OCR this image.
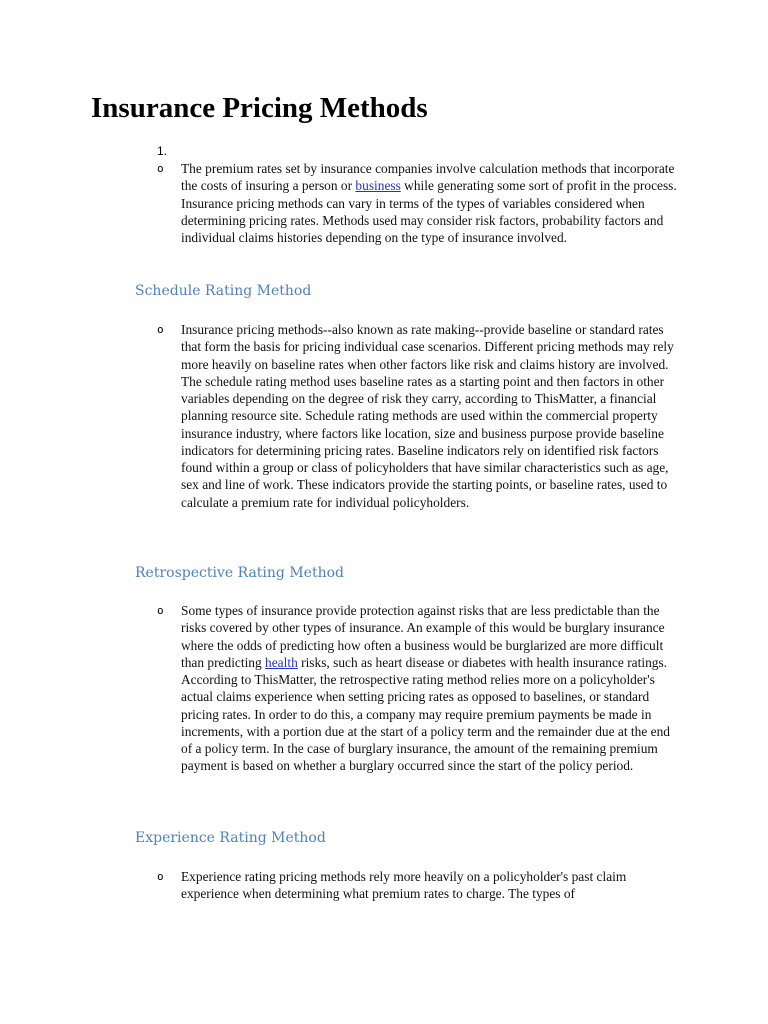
Insurance Pricing Methods
1.
o The premium rates set by insurance companies involve calculation methods that incorporate the costs of insuring a person or business while generating some sort of profit in the process. Insurance pricing methods can vary in terms of the types of variables considered when determining pricing rates. Methods used may consider risk factors, probability factors and individual claims histories depending on the type of insurance involved.

Schedule Rating Method
o Insurance pricing methods--also known as rate making--provide baseline or standard rates that form the basis for pricing individual case scenarios. Different pricing methods may rely more heavily on baseline rates when other factors like risk and claims history are involved. The schedule rating method uses baseline rates as a starting point and then factors in other variables depending on the degree of risk they carry, according to ThisMatter, a financial planning resource site. Schedule rating methods are used within the commercial property insurance industry, where factors like location, size and business purpose provide baseline indicators for determining pricing rates. Baseline indicators rely on identified risk factors found within a group or class of policyholders that have similar characteristics such as age, sex and line of work. These indicators provide the starting points, or baseline rates, used to calculate a premium rate for individual policyholders.

Retrospective Rating Method
o Some types of insurance provide protection against risks that are less predictable than the risks covered by other types of insurance. An example of this would be burglary insurance where the odds of predicting how often a business would be burglarized are more difficult than predicting health risks, such as heart disease or diabetes with health insurance ratings. According to ThisMatter, the retrospective rating method relies more on a policyholder's actual claims experience when setting pricing rates as opposed to baselines, or standard pricing rates. In order to do this, a company may require premium payments be made in increments, with a portion due at the start of a policy term and the remainder due at the end of a policy term. In the case of burglary insurance, the amount of the remaining premium payment is based on whether a burglary occurred since the start of the policy period.

Experience Rating Method
o Experience rating pricing methods rely more heavily on a policyholder's past claim experience when determining what premium rates to charge. The types of
